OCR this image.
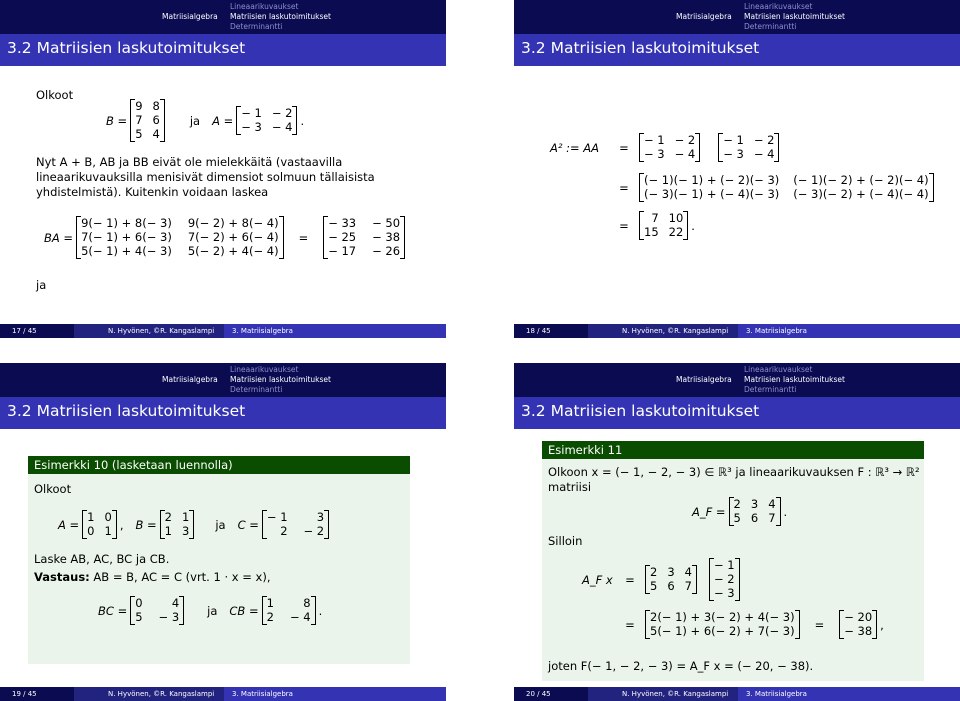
Matriisialgebra
Lineaarikuvaukset
Matriisien laskutoimitukset
Determinantti
3.2 Matriisien laskutoimitukset
Olkoot
B =
9 8
7 6
5 4
ja A =
− 1 − 2
− 3 − 4 .
Nyt A + B, AB ja BB eivät ole mielekkäitä (vastaavilla
lineaarikuvauksilla menisivät dimensiot solmuun tällaisista
yhdistelmistä). Kuitenkin voidaan laskea
BA =
9(− 1) + 8(− 3) 9(− 2) + 8(− 4)
7(− 1) + 6(− 3) 7(− 2) + 6(− 4)
5(− 1) + 4(− 3) 5(− 2) + 4(− 4)
=
− 33 − 50
− 25 − 38
− 17 − 26
ja
17 / 45	N. Hyvönen, ©R. Kangaslampi	3. Matriisialgebra
Matriisialgebra
Lineaarikuvaukset
Matriisien laskutoimitukset
Determinantti
3.2 Matriisien laskutoimitukset
A² := AA	=
− 1 − 2
− 3 − 4
− 1 − 2
− 3 − 4
=
(− 1)(− 1) + (− 2)(− 3) (− 1)(− 2) + (− 2)(− 4)
(− 3)(− 1) + (− 4)(− 3) (− 3)(− 2) + (− 4)(− 4)
=
7 10
15 22 .
18 / 45	N. Hyvönen, ©R. Kangaslampi	3. Matriisialgebra
Matriisialgebra
Lineaarikuvaukset
Matriisien laskutoimitukset
Determinantti
3.2 Matriisien laskutoimitukset
Esimerkki 10 (lasketaan luennolla)
Olkoot
A =
1 0
0 1 , B =
2 1
1 3 ja C =
− 1	3
2 − 2
Laske AB, AC, BC ja CB.
Vastaus: AB = B, AC = C (vrt. 1 · x = x),
BC =
0	4
5 − 3 ja CB =
1	8
2 − 4 .
19 / 45	N. Hyvönen, ©R. Kangaslampi	3. Matriisialgebra
Matriisialgebra
Lineaarikuvaukset
Matriisien laskutoimitukset
Determinantti
3.2 Matriisien laskutoimitukset
Esimerkki 11
Olkoon x = (− 1, − 2, − 3) ∈ ℝ³ ja lineaarikuvauksen F : ℝ³ → ℝ²
matriisi
A_F =
2 3 4
5 6 7 .
Silloin
A_F x	=
2 3 4
5 6 7
− 1
− 2
− 3
=
2(− 1) + 3(− 2) + 4(− 3)
5(− 1) + 6(− 2) + 7(− 3) =
− 20
− 38 ,
joten F(− 1, − 2, − 3) = A_F x = (− 20, − 38).
20 / 45	N. Hyvönen, ©R. Kangaslampi	3. Matriisialgebra
